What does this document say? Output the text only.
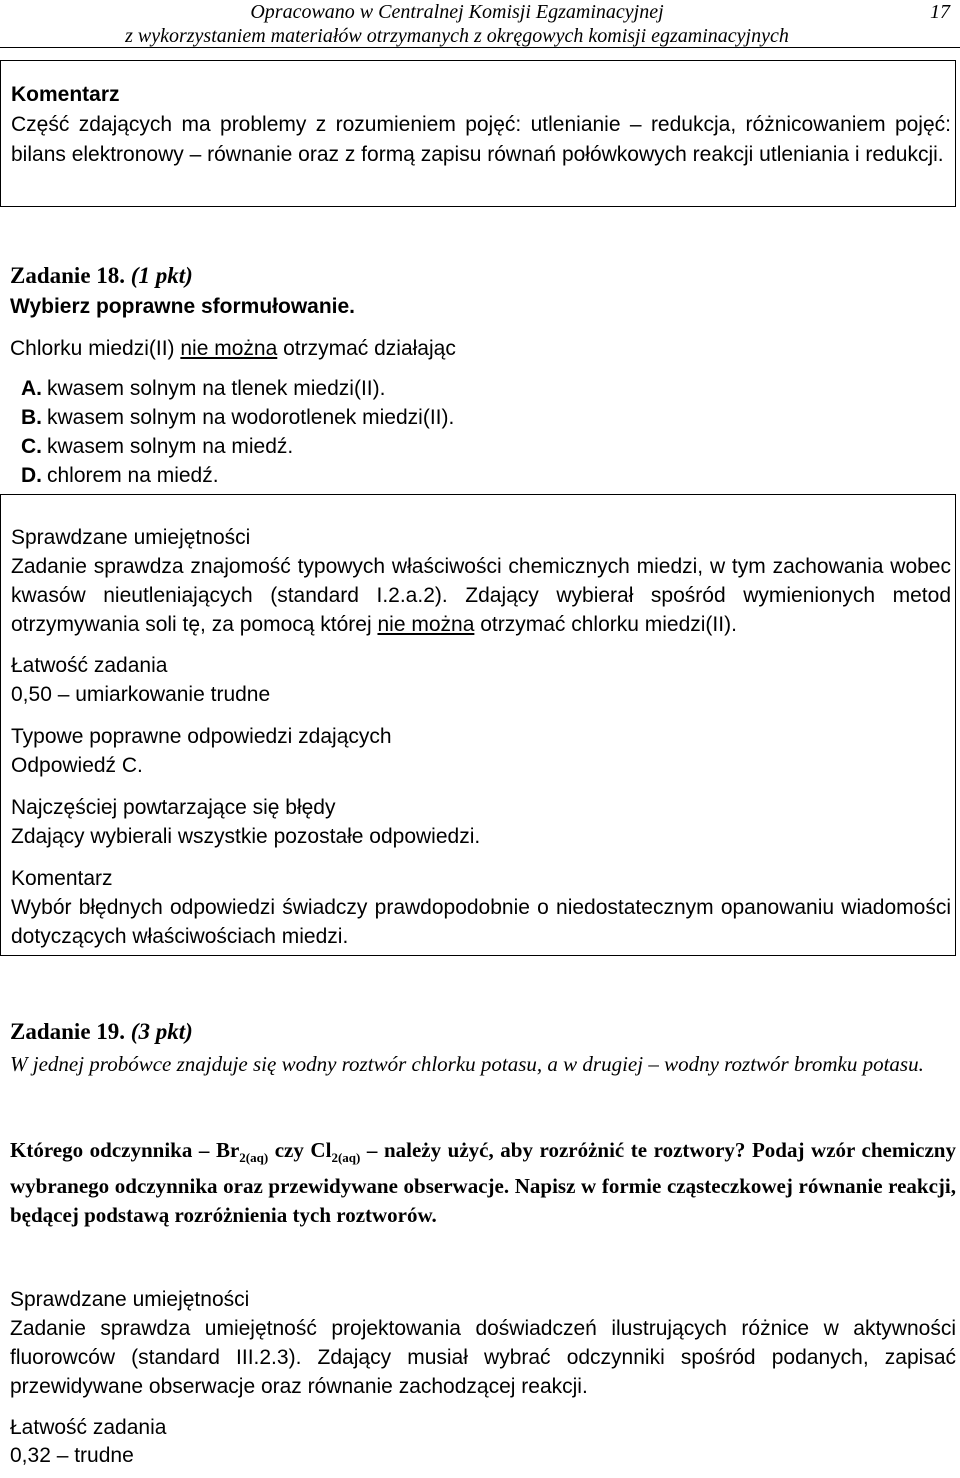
Opracowano w Centralnej Komisji Egzaminacyjnej
z wykorzystaniem materiałów otrzymanych z okręgowych komisji egzaminacyjnych
17

Komentarz

Część zdających ma problemy z rozumieniem pojęć: utlenianie – redukcja, różnicowaniem pojęć: bilans elektronowy – równanie oraz z formą zapisu równań połówkowych reakcji utleniania i redukcji.

Zadanie 18. (1 pkt)
Wybierz poprawne sformułowanie.
Chlorku miedzi(II) nie można otrzymać działając
A. kwasem solnym na tlenek miedzi(II).
B. kwasem solnym na wodorotlenek miedzi(II).
C. kwasem solnym na miedź.
D. chlorem na miedź.

Sprawdzane umiejętności

Zadanie sprawdza znajomość typowych właściwości chemicznych miedzi, w tym zachowania wobec kwasów nieutleniających (standard I.2.a.2). Zdający wybierał spośród wymienionych metod otrzymywania soli tę, za pomocą której nie można otrzymać chlorku miedzi(II).

Łatwość zadania

0,50 – umiarkowanie trudne

Typowe poprawne odpowiedzi zdających

Odpowiedź C.

Najczęściej powtarzające się błędy

Zdający wybierali wszystkie pozostałe odpowiedzi.

Komentarz

Wybór błędnych odpowiedzi świadczy prawdopodobnie o niedostatecznym opanowaniu wiadomości dotyczących właściwościach miedzi.

Zadanie 19. (3 pkt)
W jednej probówce znajduje się wodny roztwór chlorku potasu, a w drugiej – wodny roztwór bromku potasu.
Którego odczynnika – $Br_{2(aq)}$ czy $Cl_{2(aq)}$ – należy użyć, aby rozróżnić te roztwory? Podaj wzór chemiczny wybranego odczynnika oraz przewidywane obserwacje. Napisz w formie cząsteczkowej równanie reakcji, będącej podstawą rozróżnienia tych roztworów.
Sprawdzane umiejętności
Zadanie sprawdza umiejętność projektowania doświadczeń ilustrujących różnice w aktywności fluorowców (standard III.2.3). Zdający musiał wybrać odczynniki spośród podanych, zapisać przewidywane obserwacje oraz równanie zachodzącej reakcji.
Łatwość zadania
0,32 – trudne
